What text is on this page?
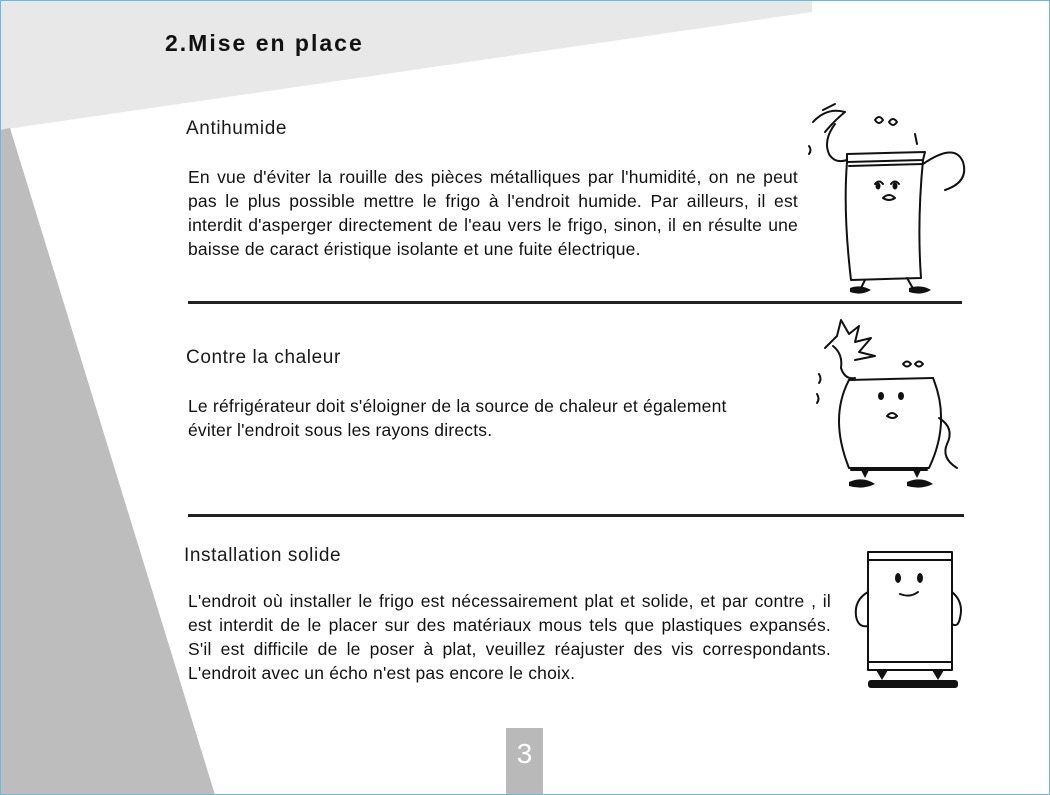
2.Mise en place
Antihumide

En vue d'éviter la rouille des pièces métalliques par l'humidité, on ne peut pas le plus possible mettre le frigo à l'endroit humide. Par ailleurs, il est interdit d'asperger directement de l'eau vers le frigo, sinon, il en résulte une baisse de caract éristique isolante et une fuite électrique.

Contre la chaleur

Le réfrigérateur doit s'éloigner de la source de chaleur et également éviter l'endroit sous les rayons directs.

Installation solide

L'endroit où installer le frigo est nécessairement plat et solide, et par contre , il est interdit de le placer sur des matériaux mous tels que plastiques expansés. S'il est difficile de le poser à plat, veuillez réajuster des vis correspondants. L'endroit avec un écho n'est pas encore le choix.

3
